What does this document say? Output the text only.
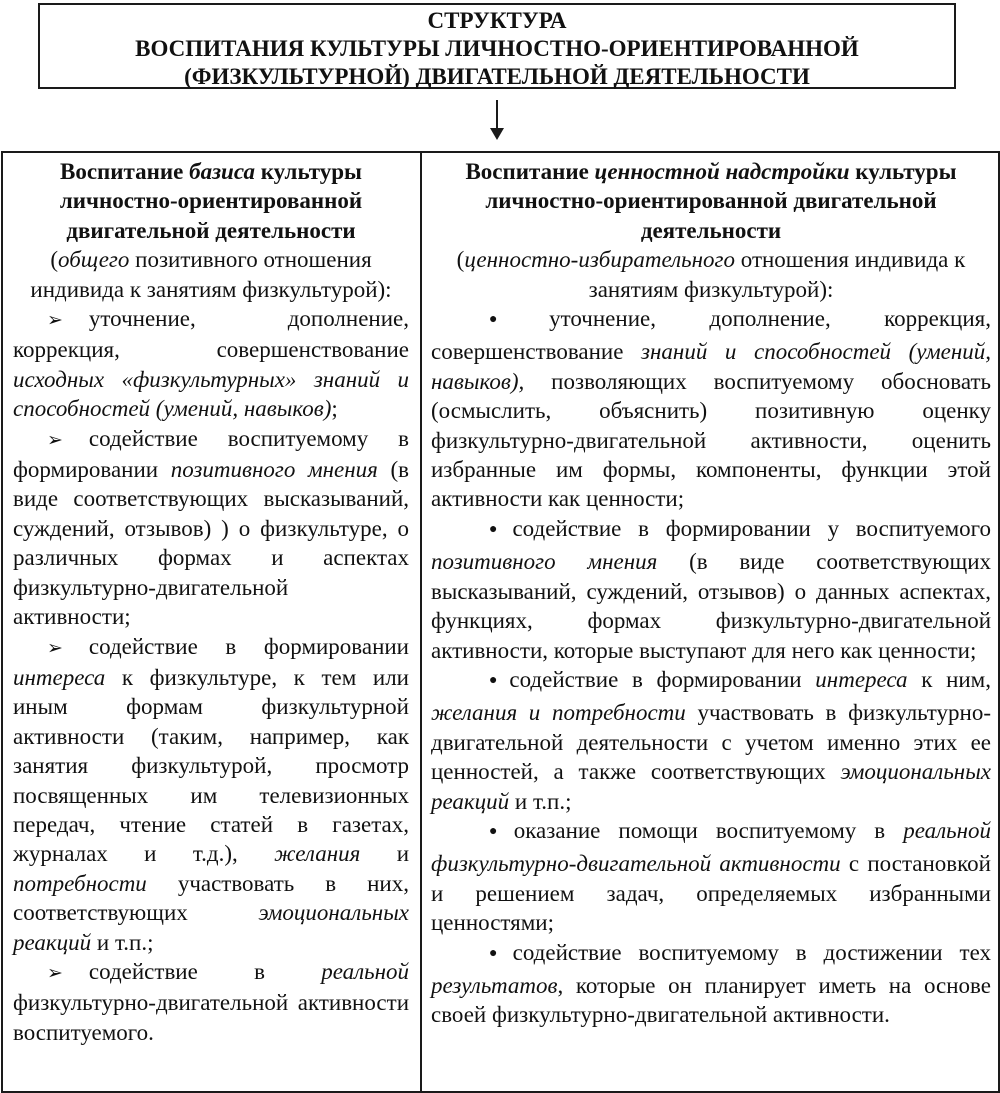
СТРУКТУРА
ВОСПИТАНИЯ КУЛЬТУРЫ ЛИЧНОСТНО-ОРИЕНТИРОВАННОЙ
(ФИЗКУЛЬТУРНОЙ) ДВИГАТЕЛЬНОЙ ДЕЯТЕЛЬНОСТИ
Воспитание базиса культуры личностно-ориентированной двигательной деятельности
(общего позитивного отношения индивида к занятиям физкультурой):

➢ уточнение, дополнение, коррекция, совершенствование исходных «физкультурных» знаний и способностей (умений, навыков);

➢ содействие воспитуемому в формировании позитивного мнения (в виде соответствующих высказываний, суждений, отзывов) ) о физкультуре, о различных формах и аспектах физкультурно-двигательной активности;

➢ содействие в формировании интереса к физкультуре, к тем или иным формам физкультурной активности (таким, например, как занятия физкультурой, просмотр посвященных им телевизионных передач, чтение статей в газетах, журналах и т.д.), желания и потребности участвовать в них, соответствующих эмоциональных реакций и т.п.;

➢ содействие в реальной физкультурно-двигательной активности воспитуемого.

Воспитание ценностной надстройки культуры личностно-ориентированной двигательной деятельности
(ценностно-избирательного отношения индивида к занятиям физкультурой):

● уточнение, дополнение, коррекция, совершенствование знаний и способностей (умений, навыков), позволяющих воспитуемому обосновать (осмыслить, объяснить) позитивную оценку физкультурно-двигательной активности, оценить избранные им формы, компоненты, функции этой активности как ценности;

● содействие в формировании у воспитуемого позитивного мнения (в виде соответствующих высказываний, суждений, отзывов) о данных аспектах, функциях, формах физкультурно-двигательной активности, которые выступают для него как ценности;

● содействие в формировании интереса к ним, желания и потребности участвовать в физкультурно-двигательной деятельности с учетом именно этих ее ценностей, а также соответствующих эмоциональных реакций и т.п.;

● оказание помощи воспитуемому в реальной физкультурно-двигательной активности с постановкой и решением задач, определяемых избранными ценностями;

● содействие воспитуемому в достижении тех результатов, которые он планирует иметь на основе своей физкультурно-двигательной активности.
